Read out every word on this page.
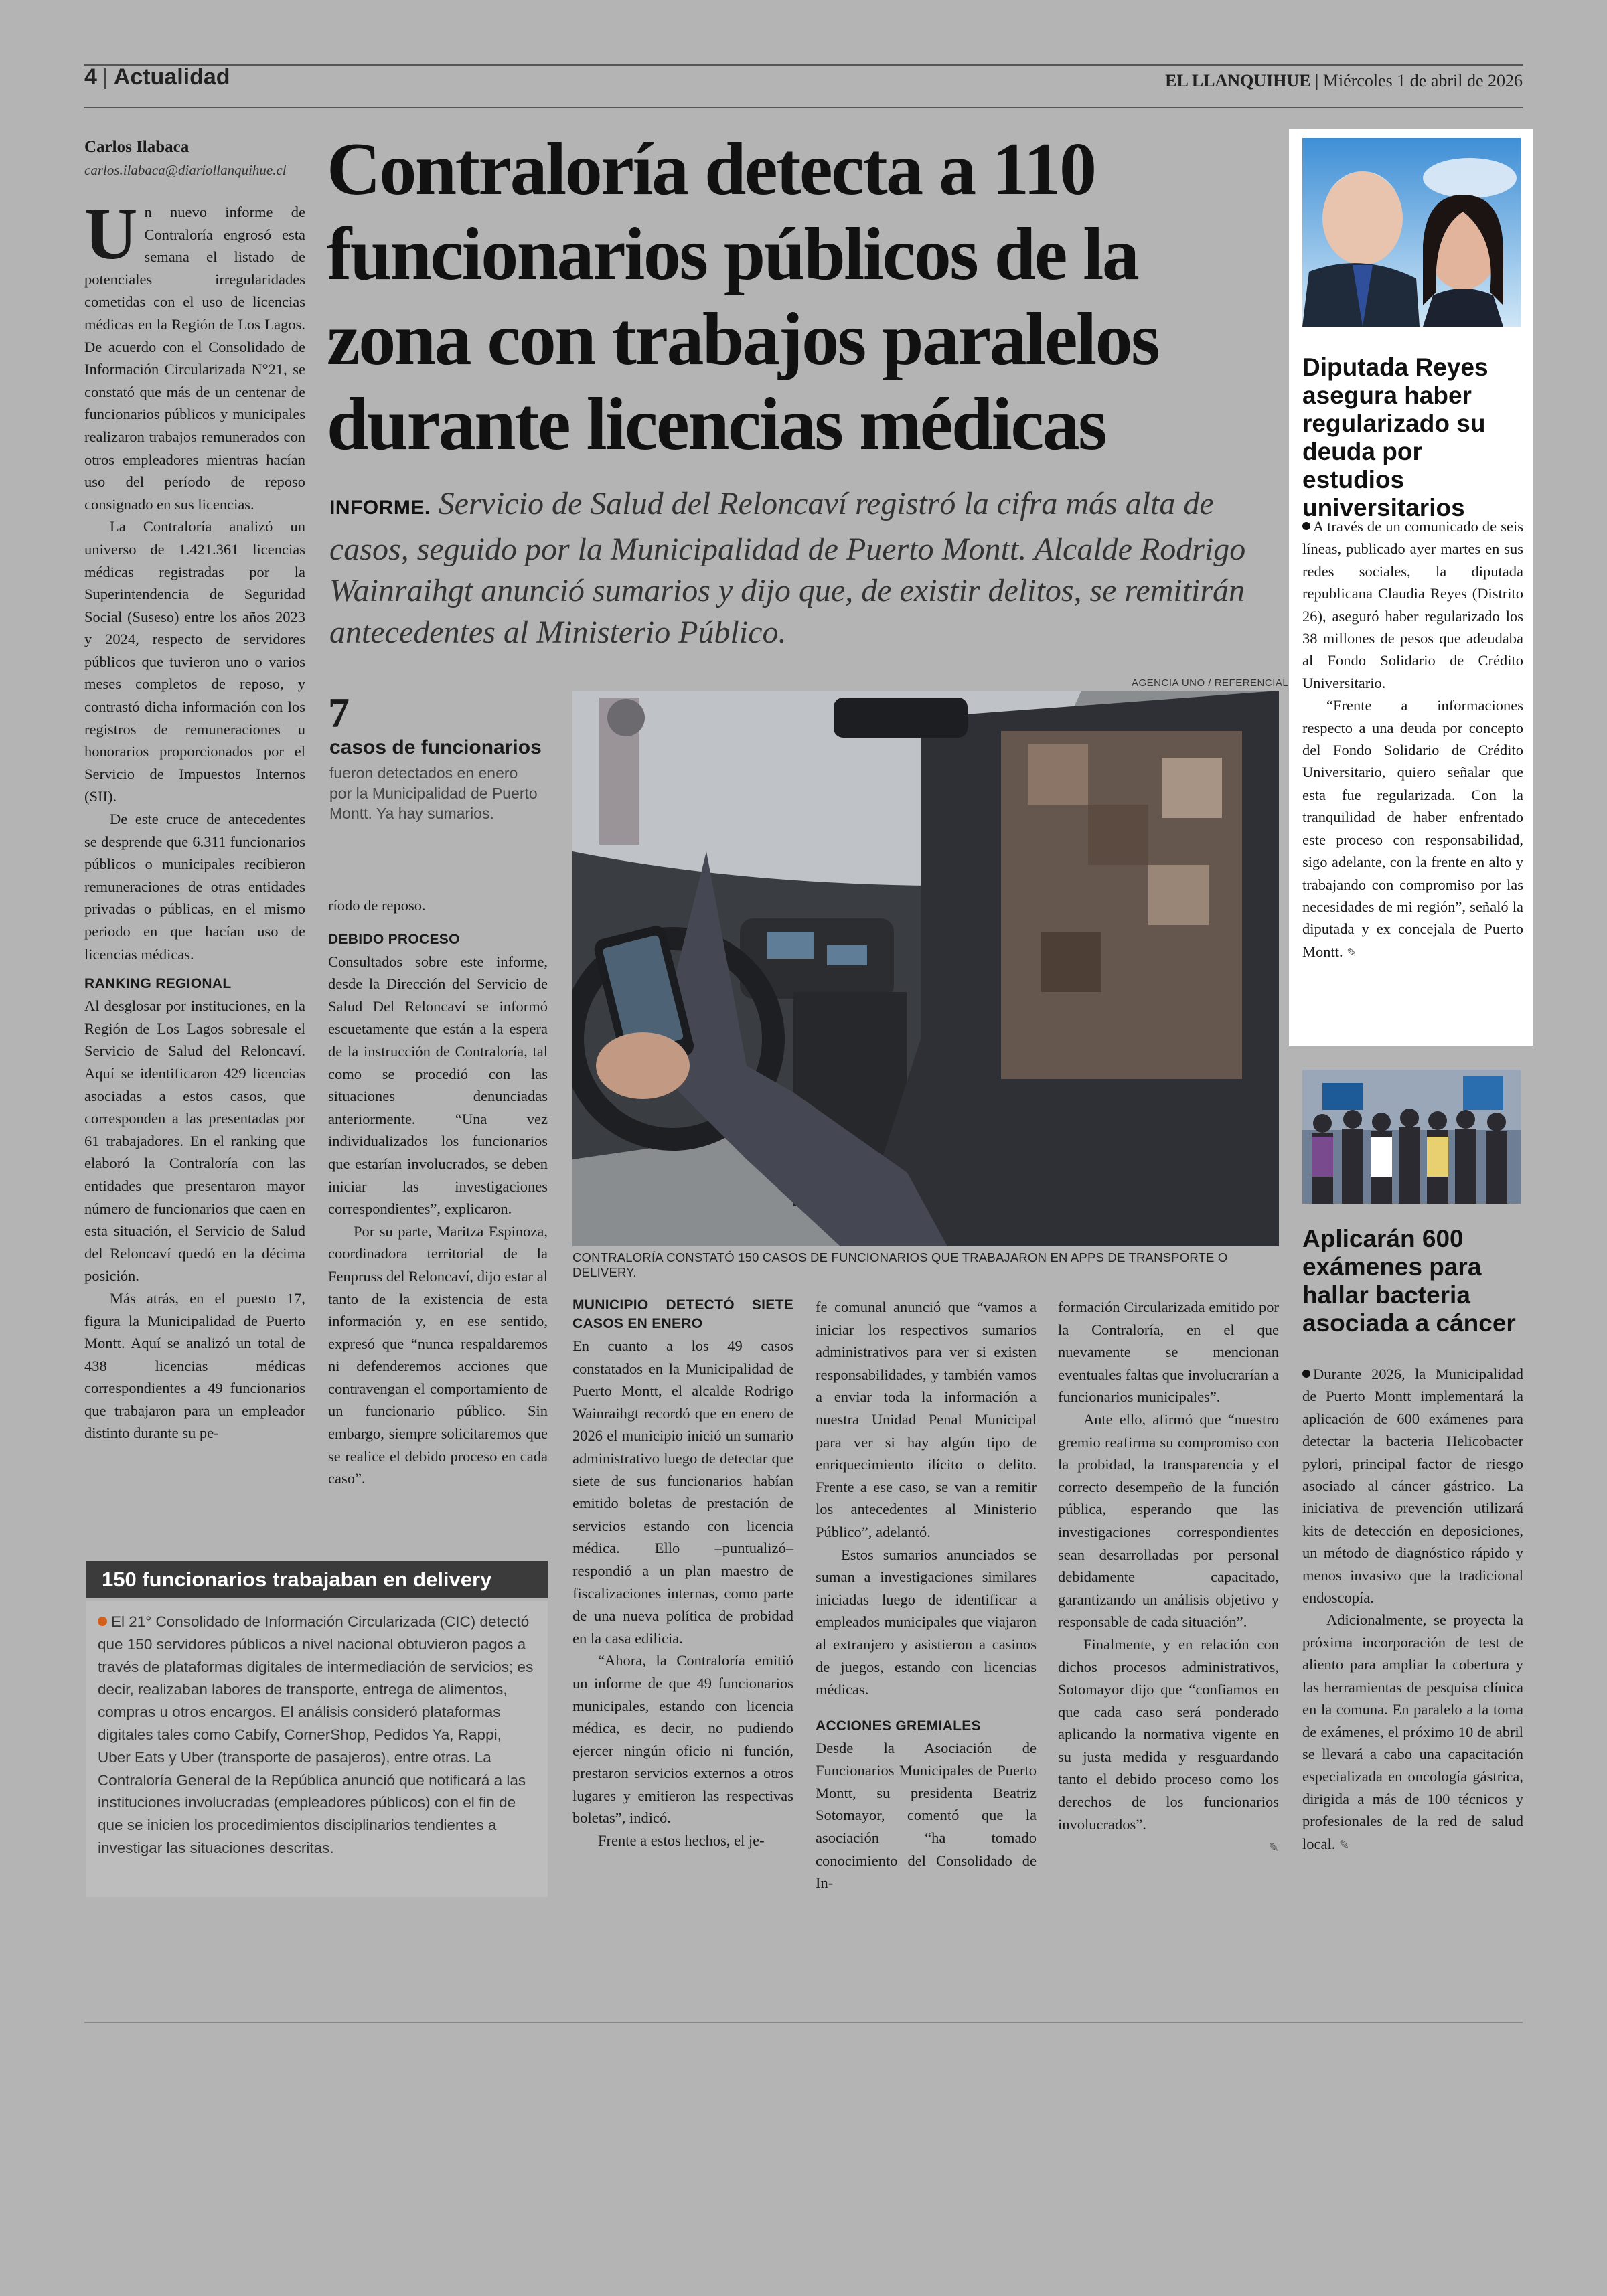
4 | Actualidad	EL LLANQUIHUE | Miércoles 1 de abril de 2026
Carlos Ilabaca
carlos.ilabaca@diariollanquihue.cl Contraloría detecta a 110 funcionarios públicos de la zona con trabajos paralelos durante licencias médicas
INFORME. Servicio de Salud del Reloncaví registró la cifra más alta de casos, seguido por la Municipalidad de Puerto Montt. Alcalde Rodrigo Wainraihgt anunció sumarios y dijo que, de existir delitos, se remitirán antecedentes al Ministerio Público.
U n nuevo informe de Contraloría engrosó esta semana el listado de potenciales irregularidades cometidas con el uso de licencias médicas en la Región de Los Lagos. De acuerdo con el Consolidado de Información Circularizada N°21, se constató que más de un centenar de funcionarios públicos y municipales realizaron trabajos remunerados con otros empleadores mientras hacían uso del período de reposo consignado en sus licencias.

La Contraloría analizó un universo de 1.421.361 licencias médicas registradas por la Superintendencia de Seguridad Social (Suseso) entre los años 2023 y 2024, respecto de servidores públicos que tuvieron uno o varios meses completos de reposo, y contrastó dicha información con los registros de remuneraciones u honorarios proporcionados por el Servicio de Impuestos Internos (SII).

De este cruce de antecedentes se desprende que 6.311 funcionarios públicos o municipales recibieron remuneraciones de otras entidades privadas o públicas, en el mismo periodo en que hacían uso de licencias médicas.

RANKING REGIONAL

Al desglosar por instituciones, en la Región de Los Lagos sobresale el Servicio de Salud del Reloncaví. Aquí se identificaron 429 licencias asociadas a estos casos, que corresponden a las presentadas por 61 trabajadores. En el ranking que elaboró la Contraloría con las entidades que presentaron mayor número de funcionarios que caen en esta situación, el Servicio de Salud del Reloncaví quedó en la décima posición.

Más atrás, en el puesto 17, figura la Municipalidad de Puerto Montt. Aquí se analizó un total de 438 licencias médicas correspondientes a 49 funcionarios que trabajaron para un empleador distinto durante su pe-

7
casos de funcionarios
fueron detectados en enero por la Municipalidad de Puerto Montt. Ya hay sumarios.

ríodo de reposo.

DEBIDO PROCESO

Consultados sobre este informe, desde la Dirección del Servicio de Salud Del Reloncaví se informó escuetamente que están a la espera de la instrucción de Contraloría, tal como se procedió con las situaciones denunciadas anteriormente. “Una vez individualizados los funcionarios que estarían involucrados, se deben iniciar las investigaciones correspondientes”, explicaron.

Por su parte, Maritza Espinoza, coordinadora territorial de la Fenpruss del Reloncaví, dijo estar al tanto de la existencia de esta información y, en ese sentido, expresó que “nunca respaldaremos ni defenderemos acciones que contravengan el comportamiento de un funcionario público. Sin embargo, siempre solicitaremos que se realice el debido proceso en cada caso”.

AGENCIA UNO / REFERENCIAL
CONTRALORÍA CONSTATÓ 150 CASOS DE FUNCIONARIOS QUE TRABAJARON EN APPS DE TRANSPORTE O DELIVERY.
MUNICIPIO DETECTÓ SIETE CASOS EN ENERO

En cuanto a los 49 casos constatados en la Municipalidad de Puerto Montt, el alcalde Rodrigo Wainraihgt recordó que en enero de 2026 el municipio inició un sumario administrativo luego de detectar que siete de sus funcionarios habían emitido boletas de prestación de servicios estando con licencia médica. Ello –puntualizó– respondió a un plan maestro de fiscalizaciones internas, como parte de una nueva política de probidad en la casa edilicia.

“Ahora, la Contraloría emitió un informe de que 49 funcionarios municipales, estando con licencia médica, es decir, no pudiendo ejercer ningún oficio ni función, prestaron servicios externos a otros lugares y emitieron las respectivas boletas”, indicó.

Frente a estos hechos, el je-

fe comunal anunció que “vamos a iniciar los respectivos sumarios administrativos para ver si existen responsabilidades, y también vamos a enviar toda la información a nuestra Unidad Penal Municipal para ver si hay algún tipo de enriquecimiento ilícito o delito. Frente a ese caso, se van a remitir los antecedentes al Ministerio Público”, adelantó.

Estos sumarios anunciados se suman a investigaciones similares iniciadas luego de identificar a empleados municipales que viajaron al extranjero y asistieron a casinos de juegos, estando con licencias médicas.

ACCIONES GREMIALES

Desde la Asociación de Funcionarios Municipales de Puerto Montt, su presidenta Beatriz Sotomayor, comentó que la asociación “ha tomado conocimiento del Consolidado de In-

formación Circularizada emitido por la Contraloría, en el que nuevamente se mencionan eventuales faltas que involucrarían a funcionarios municipales”.

Ante ello, afirmó que “nuestro gremio reafirma su compromiso con la probidad, la transparencia y el correcto desempeño de la función pública, esperando que las investigaciones correspondientes sean desarrolladas por personal debidamente capacitado, garantizando un análisis objetivo y responsable de cada situación”.

Finalmente, y en relación con dichos procesos administrativos, Sotomayor dijo que “confiamos en que cada caso será ponderado aplicando la normativa vigente en su justa medida y resguardando tanto el debido proceso como los derechos de los funcionarios involucrados”.

✎
150 funcionarios trabajaban en delivery
El 21° Consolidado de Información Circularizada (CIC) detectó que 150 servidores públicos a nivel nacional obtuvieron pagos a través de plataformas digitales de intermediación de servicios; es decir, realizaban labores de transporte, entrega de alimentos, compras u otros encargos. El análisis consideró plataformas digitales tales como Cabify, CornerShop, Pedidos Ya, Rappi, Uber Eats y Uber (transporte de pasajeros), entre otras. La Contraloría General de la República anunció que notificará a las instituciones involucradas (empleadores públicos) con el fin de que se inicien los procedimientos disciplinarios tendientes a investigar las situaciones descritas.
Diputada Reyes asegura haber regularizado su deuda por estudios universitarios

A través de un comunicado de seis líneas, publicado ayer martes en sus redes sociales, la diputada republicana Claudia Reyes (Distrito 26), aseguró haber regularizado los 38 millones de pesos que adeudaba al Fondo Solidario de Crédito Universitario.

“Frente a informaciones respecto a una deuda por concepto del Fondo Solidario de Crédito Universitario, quiero señalar que esta fue regularizada. Con la tranquilidad de haber enfrentado este proceso con responsabilidad, sigo adelante, con la frente en alto y trabajando con compromiso por las necesidades de mi región”, señaló la diputada y ex concejala de Puerto Montt. ✎

Aplicarán 600 exámenes para hallar bacteria asociada a cáncer

Durante 2026, la Municipalidad de Puerto Montt implementará la aplicación de 600 exámenes para detectar la bacteria Helicobacter pylori, principal factor de riesgo asociado al cáncer gástrico. La iniciativa de prevención utilizará kits de detección en deposiciones, un método de diagnóstico rápido y menos invasivo que la tradicional endoscopía.

Adicionalmente, se proyecta la próxima incorporación de test de aliento para ampliar la cobertura y las herramientas de pesquisa clínica en la comuna. En paralelo a la toma de exámenes, el próximo 10 de abril se llevará a cabo una capacitación especializada en oncología gástrica, dirigida a más de 100 técnicos y profesionales de la red de salud local. ✎
